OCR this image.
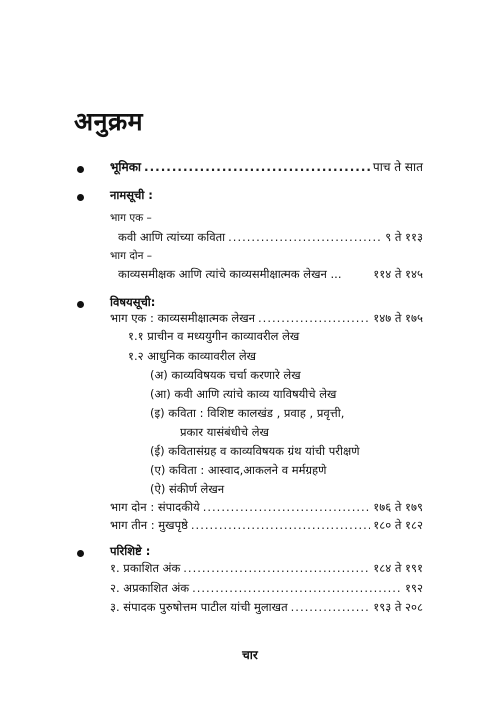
अनुक्रम
भूमिका .....	पाच ते सात
नामसूची :
भाग एक –
कवी आणि त्यांच्या कविता .....	९ ते ११३
भाग दोन –
काव्यसमीक्षक आणि त्यांचे काव्यसमीक्षात्मक लेखन ...	११४ ते १४५
विषयसूची:
भाग एक : काव्यसमीक्षात्मक लेखन .....	१४७ ते १७५
१.१ प्राचीन व मध्ययुगीन काव्यावरील लेख
१.२ आधुनिक काव्यावरील लेख
(अ) काव्यविषयक चर्चा करणारे लेख
(आ) कवी आणि त्यांचे काव्य याविषयीचे लेख
(इ) कविता : विशिष्ट कालखंड , प्रवाह , प्रवृत्ती,
प्रकार यासंबंधीचे लेख
(ई) कवितासंग्रह व काव्यविषयक ग्रंथ यांची परीक्षणे
(ए) कविता : आस्वाद,आकलने व मर्मग्रहणे
(ऐ) संकीर्ण लेखन
भाग दोन : संपादकीये .....	१७६ ते १७९
भाग तीन : मुखपृष्ठे .....	१८० ते १८२
परिशिष्टे :
१. प्रकाशित अंक .....	१८४ ते १९१
२. अप्रकाशित अंक .....	१९२
३. संपादक पुरुषोत्तम पाटील यांची मुलाखत .....	१९३ ते २०८
चार
